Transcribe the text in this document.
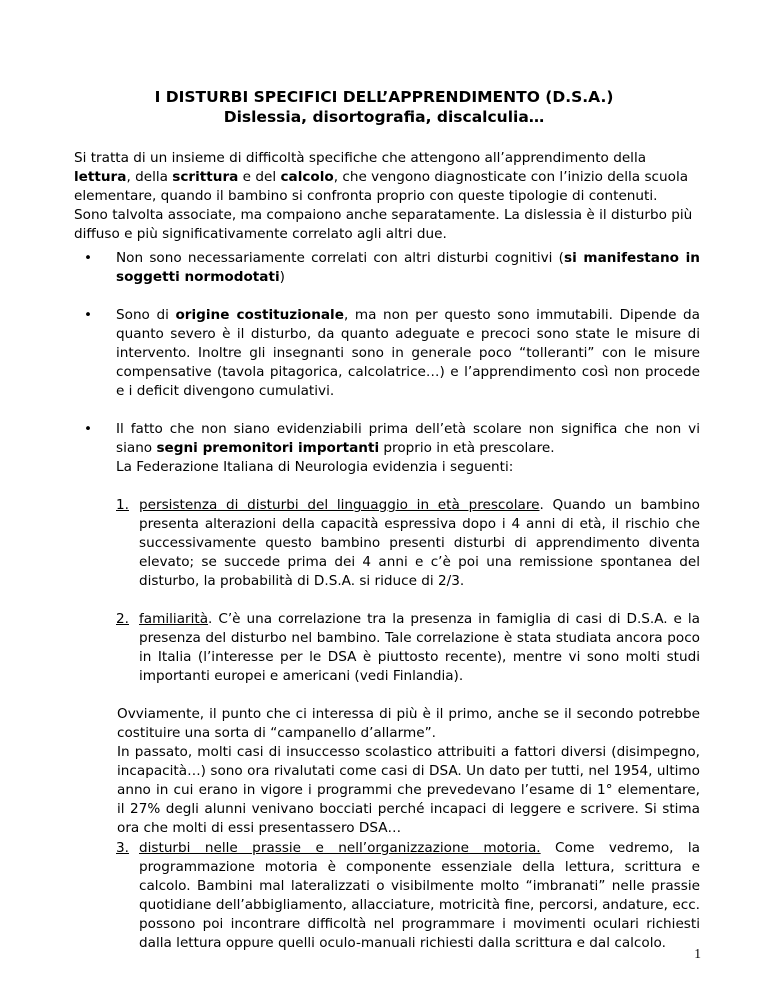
I DISTURBI SPECIFICI DELL’APPRENDIMENTO (D.S.A.)
Dislessia, disortografia, discalculia…
Si tratta di un insieme di difficoltà specifiche che attengono all’apprendimento della lettura, della scrittura e del calcolo, che vengono diagnosticate con l’inizio della scuola elementare, quando il bambino si confronta proprio con queste tipologie di contenuti.
Sono talvolta associate, ma compaiono anche separatamente. La dislessia è il disturbo più diffuso e più significativamente correlato agli altri due.
• Non sono necessariamente correlati con altri disturbi cognitivi (si manifestano in soggetti normodotati)
• Sono di origine costituzionale, ma non per questo sono immutabili. Dipende da quanto severo è il disturbo, da quanto adeguate e precoci sono state le misure di intervento. Inoltre gli insegnanti sono in generale poco “tolleranti” con le misure compensative (tavola pitagorica, calcolatrice…) e l’apprendimento così non procede e i deficit divengono cumulativi.
• Il fatto che non siano evidenziabili prima dell’età scolare non significa che non vi siano segni premonitori importanti proprio in età prescolare.
La Federazione Italiana di Neurologia evidenzia i seguenti:
1. persistenza di disturbi del linguaggio in età prescolare. Quando un bambino presenta alterazioni della capacità espressiva dopo i 4 anni di età, il rischio che successivamente questo bambino presenti disturbi di apprendimento diventa elevato; se succede prima dei 4 anni e c’è poi una remissione spontanea del disturbo, la probabilità di D.S.A. si riduce di 2/3.
2. familiarità. C’è una correlazione tra la presenza in famiglia di casi di D.S.A. e la presenza del disturbo nel bambino. Tale correlazione è stata studiata ancora poco in Italia (l’interesse per le DSA è piuttosto recente), mentre vi sono molti studi importanti europei e americani (vedi Finlandia).
Ovviamente, il punto che ci interessa di più è il primo, anche se il secondo potrebbe costituire una sorta di “campanello d’allarme”.
In passato, molti casi di insuccesso scolastico attribuiti a fattori diversi (disimpegno, incapacità…) sono ora rivalutati come casi di DSA. Un dato per tutti, nel 1954, ultimo anno in cui erano in vigore i programmi che prevedevano l’esame di 1° elementare, il 27% degli alunni venivano bocciati perché incapaci di leggere e scrivere. Si stima ora che molti di essi presentassero DSA…
3. disturbi nelle prassie e nell’organizzazione motoria. Come vedremo, la programmazione motoria è componente essenziale della lettura, scrittura e calcolo. Bambini mal lateralizzati o visibilmente molto “imbranati” nelle prassie quotidiane dell’abbigliamento, allacciature, motricità fine, percorsi, andature, ecc. possono poi incontrare difficoltà nel programmare i movimenti oculari richiesti dalla lettura oppure quelli oculo-manuali richiesti dalla scrittura e dal calcolo.
1
